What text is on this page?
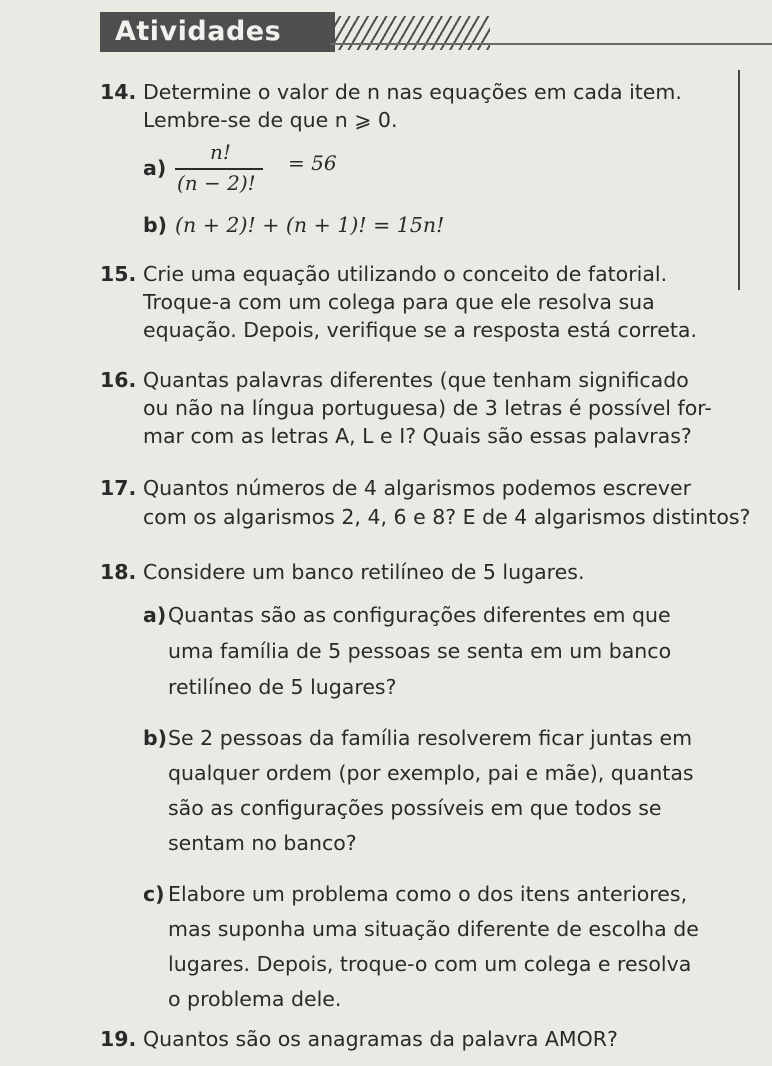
Atividades
14. Determine o valor de n nas equações em cada item.
Lembre-se de que n ⩾ 0.
a)
n!
(n − 2)!
= 56
b) (n + 2)! + (n + 1)! = 15n!
15. Crie uma equação utilizando o conceito de fatorial.
Troque-a com um colega para que ele resolva sua
equação. Depois, verifique se a resposta está correta.
16. Quantas palavras diferentes (que tenham significado
ou não na língua portuguesa) de 3 letras é possível for-
mar com as letras A, L e I? Quais são essas palavras?
17. Quantos números de 4 algarismos podemos escrever
com os algarismos 2, 4, 6 e 8? E de 4 algarismos distintos?
18. Considere um banco retilíneo de 5 lugares.
a) Quantas são as configurações diferentes em que
uma família de 5 pessoas se senta em um banco
retilíneo de 5 lugares?
b) Se 2 pessoas da família resolverem ficar juntas em
qualquer ordem (por exemplo, pai e mãe), quantas
são as configurações possíveis em que todos se
sentam no banco?
c) Elabore um problema como o dos itens anteriores,
mas suponha uma situação diferente de escolha de
lugares. Depois, troque-o com um colega e resolva
o problema dele.
19. Quantos são os anagramas da palavra AMOR?
